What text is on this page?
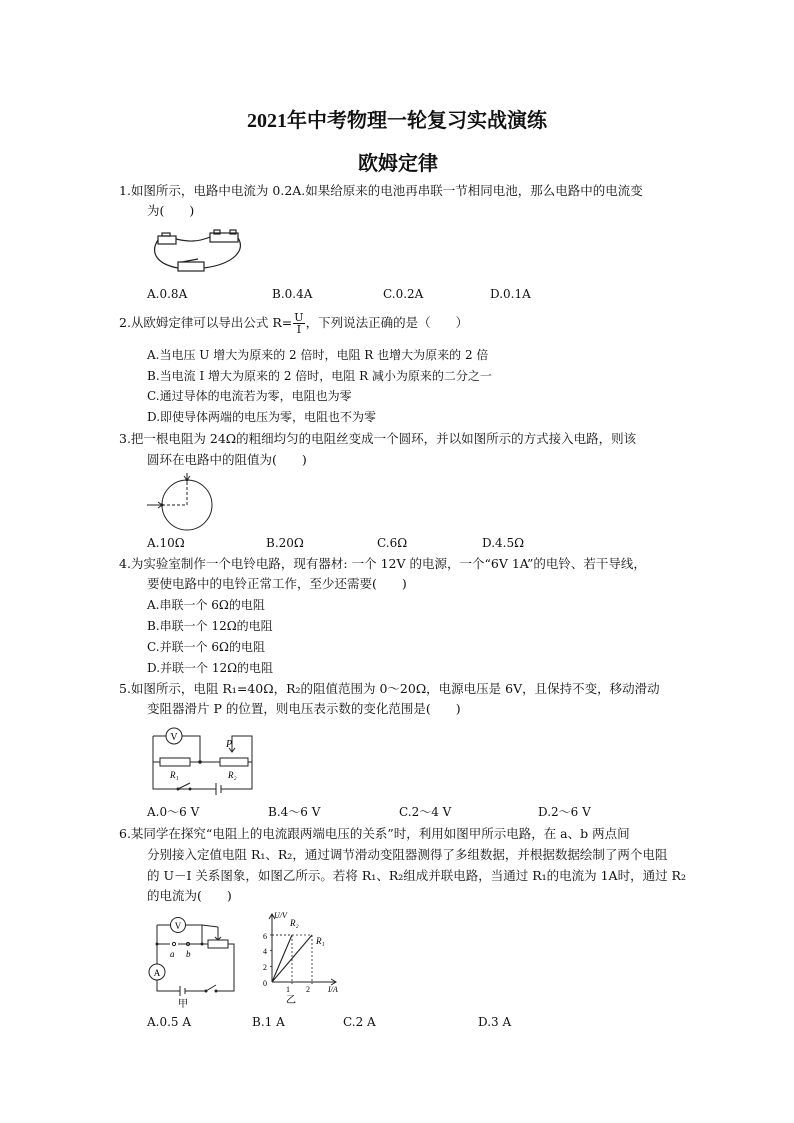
2021年中考物理一轮复习实战演练
欧姆定律
1.如图所示，电路中电流为 0.2A.如果给原来的电池再串联一节相同电池，那么电路中的电流变
为(　　)
A.0.8A	B.0.4A	C.0.2A	D.0.1A
2.从欧姆定律可以导出公式 $R= \frac{U}{I}$ ，下列说法正确的是（　　）
A.当电压 U 增大为原来的 2 倍时，电阻 R 也增大为原来的 2 倍
B.当电流 I 增大为原来的 2 倍时，电阻 R 减小为原来的二分之一
C.通过导体的电流若为零，电阻也为零
D.即使导体两端的电压为零，电阻也不为零
3.把一根电阻为 24Ω的粗细均匀的电阻丝变成一个圆环，并以如图所示的方式接入电路，则该
圆环在电路中的阻值为(　　)
A.10Ω	B.20Ω	C.6Ω	D.4.5Ω
4.为实验室制作一个电铃电路，现有器材: 一个 12V 的电源，一个“6V 1A”的电铃、若干导线，
要使电路中的电铃正常工作，至少还需要(　　)
A.串联一个 6Ω的电阻
B.串联一个 12Ω的电阻
C.并联一个 6Ω的电阻
D.并联一个 12Ω的电阻
5.如图所示，电阻 R₁=40Ω，R₂的阻值范围为 0～20Ω，电源电压是 6V，且保持不变，移动滑动
变阻器滑片 P 的位置，则电压表示数的变化范围是(　　)
V
P
R₁	R₂
A.0～6 V	B.4～6 V	C.2～4 V	D.2～6 V
6.某同学在探究“电阻上的电流跟两端电压的关系”时，利用如图甲所示电路，在 a、b 两点间
分别接入定值电阻 R₁、R₂，通过调节滑动变阻器测得了多组数据，并根据数据绘制了两个电阻
的 U－I 关系图象，如图乙所示。若将 R₁、R₂组成并联电路，当通过 R₁的电流为 1A时，通过 R₂
的电流为(　　)
V
A
a b
甲
U/V
I/A
6
4
2
0
1 2
R₂
R₁
乙
A.0.5 A	B.1 A	C.2 A	D.3 A
